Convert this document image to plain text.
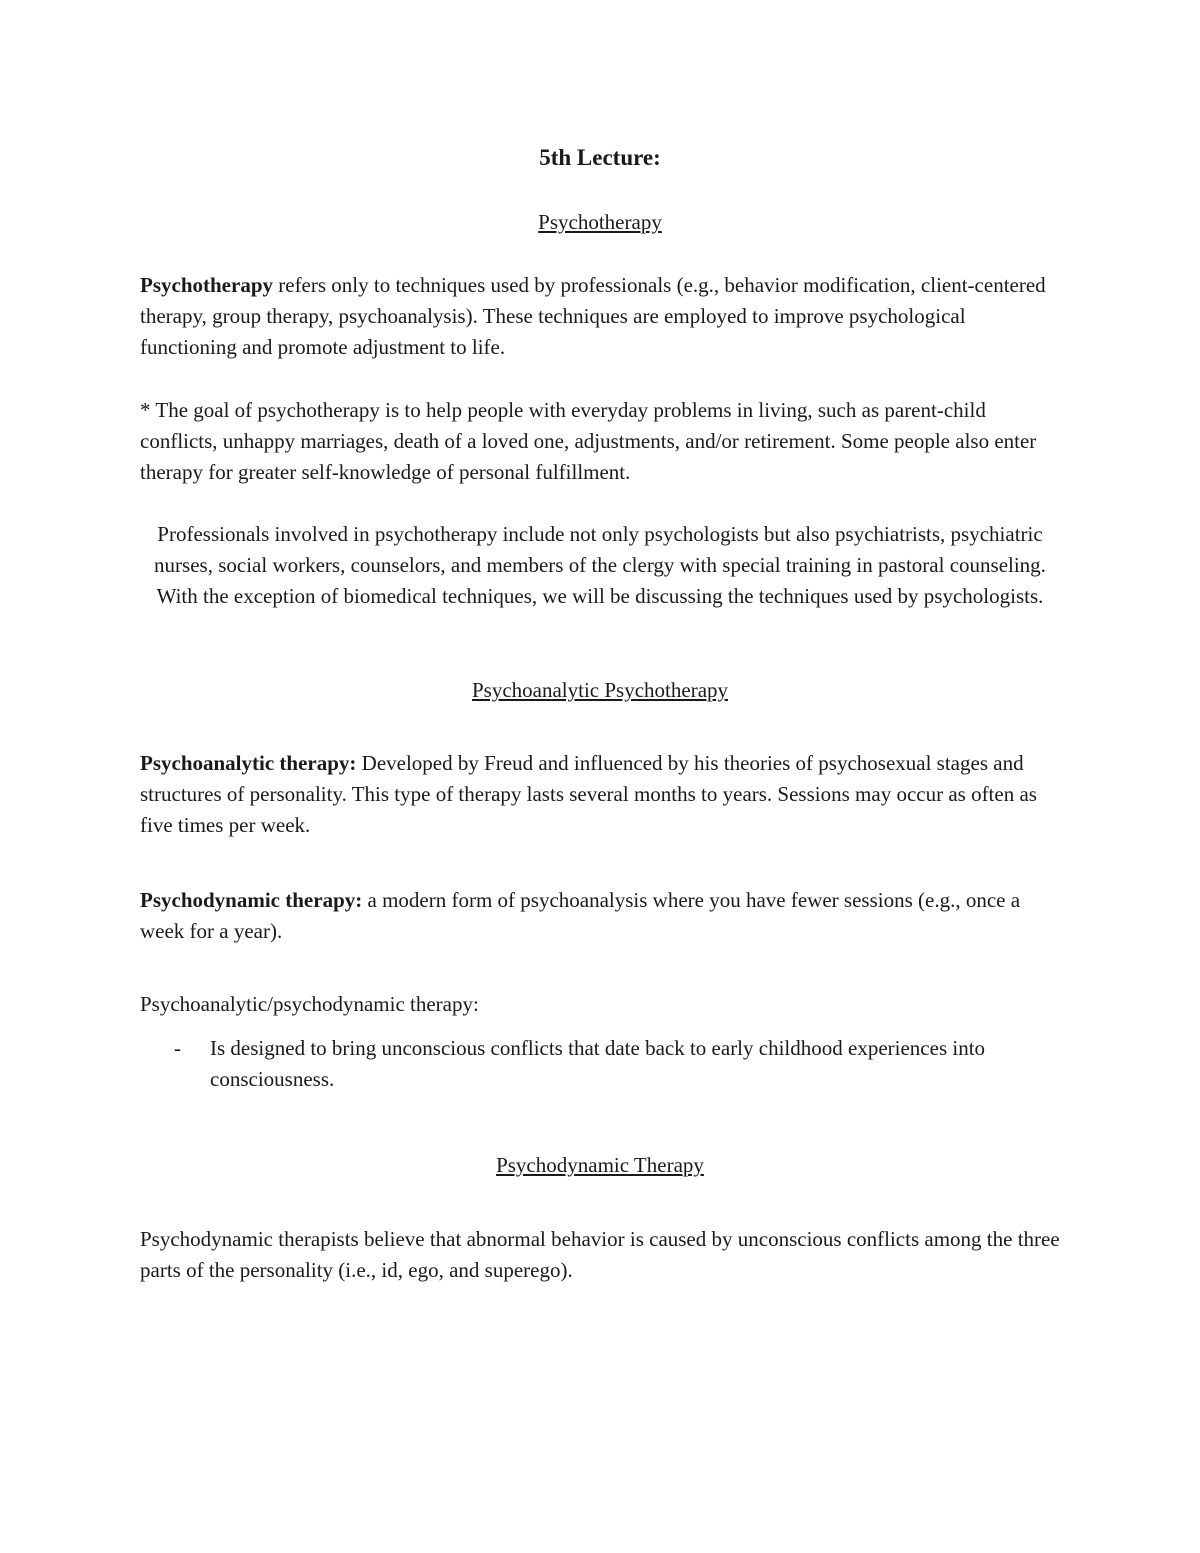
5th Lecture:
Psychotherapy

Psychotherapy refers only to techniques used by professionals (e.g., behavior modification, client-centered therapy, group therapy, psychoanalysis). These techniques are employed to improve psychological functioning and promote adjustment to life.

* The goal of psychotherapy is to help people with everyday problems in living, such as parent-child conflicts, unhappy marriages, death of a loved one, adjustments, and/or retirement. Some people also enter therapy for greater self-knowledge of personal fulfillment.

Professionals involved in psychotherapy include not only psychologists but also psychiatrists, psychiatric nurses, social workers, counselors, and members of the clergy with special training in pastoral counseling. With the exception of biomedical techniques, we will be discussing the techniques used by psychologists.

Psychoanalytic Psychotherapy

Psychoanalytic therapy: Developed by Freud and influenced by his theories of psychosexual stages and structures of personality. This type of therapy lasts several months to years. Sessions may occur as often as five times per week.

Psychodynamic therapy: a modern form of psychoanalysis where you have fewer sessions (e.g., once a week for a year).

Psychoanalytic/psychodynamic therapy:

-	Is designed to bring unconscious conflicts that date back to early childhood experiences into consciousness.
Psychodynamic Therapy

Psychodynamic therapists believe that abnormal behavior is caused by unconscious conflicts among the three parts of the personality (i.e., id, ego, and superego).
